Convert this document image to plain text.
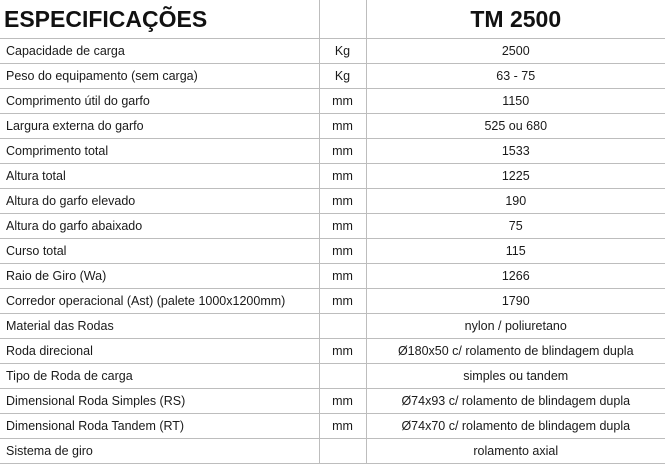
ESPECIFICAÇÕES		TM 2500
Capacidade de carga	Kg	2500
Peso do equipamento (sem carga)	Kg	63 - 75
Comprimento útil do garfo	mm	1150
Largura externa do garfo	mm	525 ou 680
Comprimento total	mm	1533
Altura total	mm	1225
Altura do garfo elevado	mm	190
Altura do garfo abaixado	mm	75
Curso total	mm	115
Raio de Giro (Wa)	mm	1266
Corredor operacional (Ast) (palete 1000x1200mm)	mm	1790
Material das Rodas		nylon / poliuretano
Roda direcional	mm	Ø180x50 c/ rolamento de blindagem dupla
Tipo de Roda de carga		simples ou tandem
Dimensional Roda Simples (RS)	mm	Ø74x93 c/ rolamento de blindagem dupla
Dimensional Roda Tandem (RT)	mm	Ø74x70 c/ rolamento de blindagem dupla
Sistema de giro		rolamento axial
